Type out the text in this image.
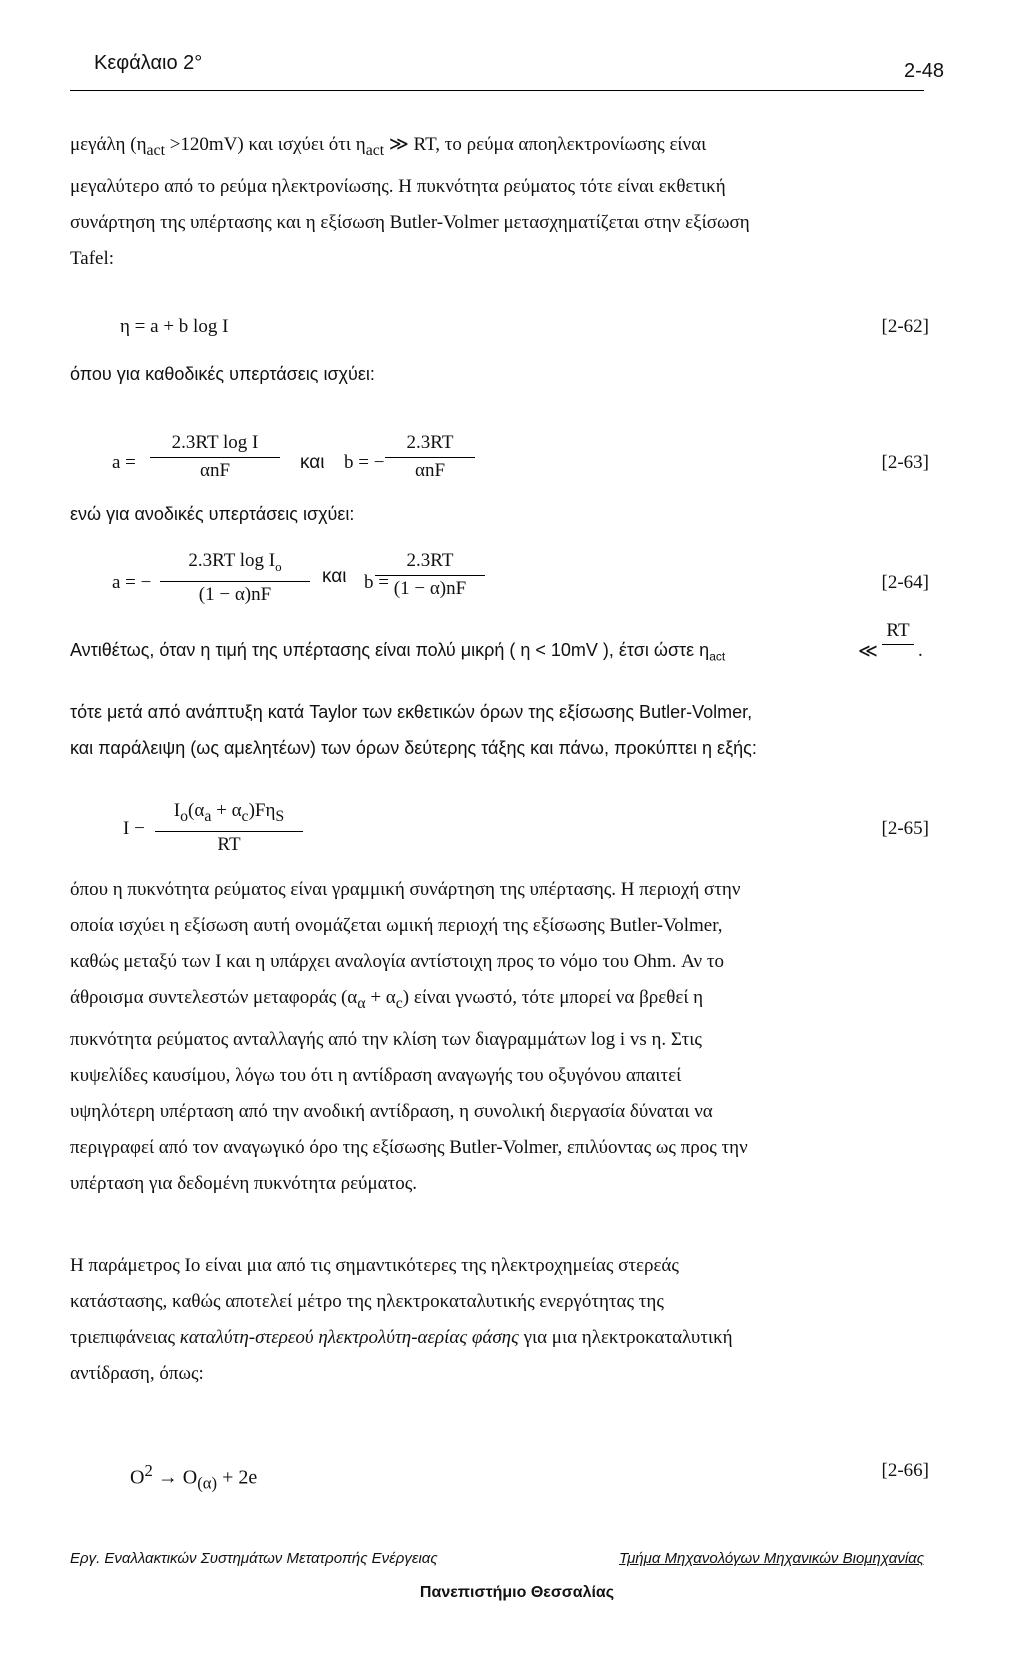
Κεφάλαιο 2°	2-48

μεγάλη $(\eta_{act} >120mV)$ και ισχύει ότι $\eta_{act}$ ≫ RT, το ρεύμα αποηλεκτρονίωσης είναι

μεγαλύτερο από το ρεύμα ηλεκτρονίωσης. Η πυκνότητα ρεύματος τότε είναι εκθετική

συνάρτηση της υπέρτασης και η εξίσωση Butler-Volmer μετασχηματίζεται στην εξίσωση

Tafel:

η = a + b log I	[2-62]
όπου για καθοδικές υπερτάσεις ισχύει:
a =
2.3RT log I
αnF	και b = −
2.3RT
αnF	[2-63]
ενώ για ανοδικές υπερτάσεις ισχύει:
a = −
2.3RT $\log I_o$
(1 − α)nF
και b =
2.3RT
(1 − α)nF	[2-64]
Αντιθέτως, όταν η τιμή της υπέρτασης είναι πολύ μικρή ( η < 10mV ), έτσι ώστε $\eta_{act}$	≪
RT
.

τότε μετά από ανάπτυξη κατά Taylor των εκθετικών όρων της εξίσωσης Butler-Volmer,

και παράλειψη (ως αμελητέων) των όρων δεύτερης τάξης και πάνω, προκύπτει η εξής:

I −
$I_o(\alpha_a + \alpha_c)F\eta_S$
RT
[2-65]

όπου η πυκνότητα ρεύματος είναι γραμμική συνάρτηση της υπέρτασης. Η περιοχή στην

οποία ισχύει η εξίσωση αυτή ονομάζεται ωμική περιοχή της εξίσωσης Butler-Volmer,

καθώς μεταξύ των I και η υπάρχει αναλογία αντίστοιχη προς το νόμο του Ohm. Αν το

άθροισμα συντελεστών μεταφοράς $(\alpha_\alpha + \alpha_c)$ είναι γνωστό, τότε μπορεί να βρεθεί η

πυκνότητα ρεύματος ανταλλαγής από την κλίση των διαγραμμάτων log i vs η. Στις

κυψελίδες καυσίμου, λόγω του ότι η αντίδραση αναγωγής του οξυγόνου απαιτεί

υψηλότερη υπέρταση από την ανοδική αντίδραση, η συνολική διεργασία δύναται να

περιγραφεί από τον αναγωγικό όρο της εξίσωσης Butler-Volmer, επιλύοντας ως προς την

υπέρταση για δεδομένη πυκνότητα ρεύματος.

Η παράμετρος Io είναι μια από τις σημαντικότερες της ηλεκτροχημείας στερεάς

κατάστασης, καθώς αποτελεί μέτρο της ηλεκτροκαταλυτικής ενεργότητας της

τριεπιφάνειας καταλύτη-στερεού ηλεκτρολύτη-αερίας φάσης για μια ηλεκτροκαταλυτική

αντίδραση, όπως:

$O^2 \to O_{(\alpha)} + 2e$	[2-66]
Εργ. Εναλλακτικών Συστημάτων Μετατροπής Ενέργειας	Τμήμα Μηχανολόγων Μηχανικών Βιομηχανίας
Πανεπιστήμιο Θεσσαλίας
